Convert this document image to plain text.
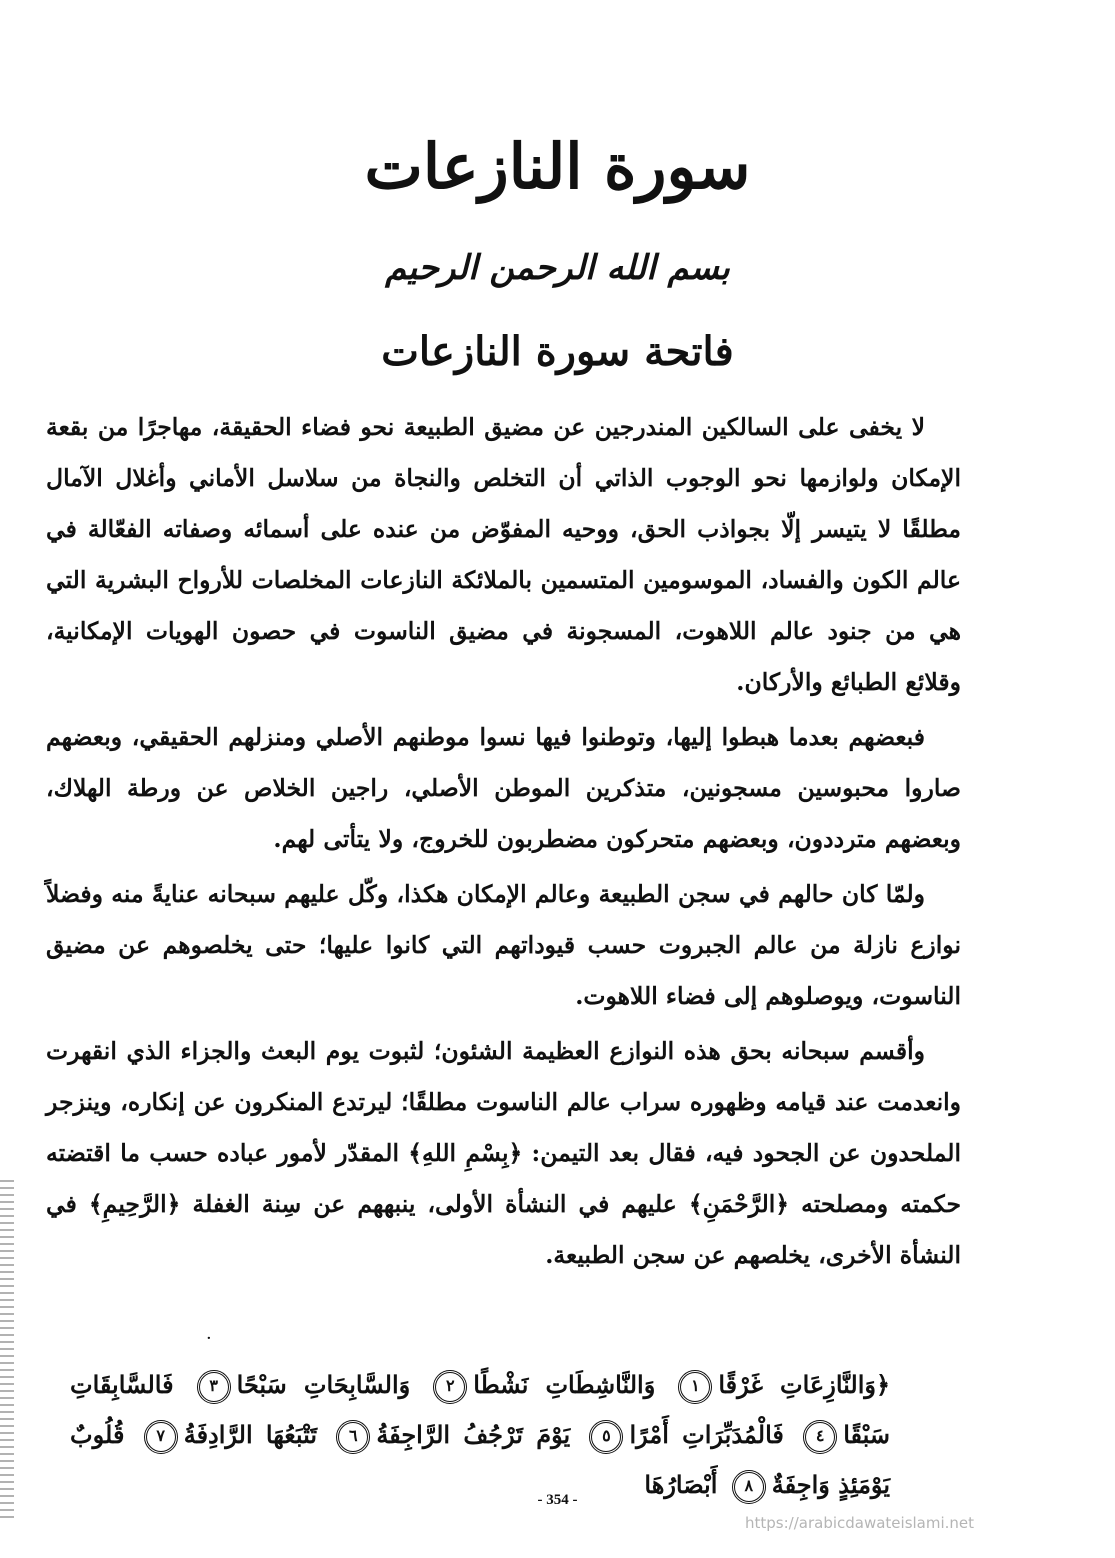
سورة النازعات
بسم الله الرحمن الرحيم
فاتحة سورة النازعات

لا يخفى على السالكين المندرجين عن مضيق الطبيعة نحو فضاء الحقيقة، مهاجرًا من بقعة الإمكان ولوازمها نحو الوجوب الذاتي أن التخلص والنجاة من سلاسل الأماني وأغلال الآمال مطلقًا لا يتيسر إلّا بجواذب الحق، ووحيه المفوّض من عنده على أسمائه وصفاته الفعّالة في عالم الكون والفساد، الموسومين المتسمين بالملائكة النازعات المخلصات للأرواح البشرية التي هي من جنود عالم اللاهوت، المسجونة في مضيق الناسوت في حصون الهويات الإمكانية، وقلائع الطبائع والأركان.

فبعضهم بعدما هبطوا إليها، وتوطنوا فيها نسوا موطنهم الأصلي ومنزلهم الحقيقي، وبعضهم صاروا محبوسين مسجونين، متذكرين الموطن الأصلي، راجين الخلاص عن ورطة الهلاك، وبعضهم مترددون، وبعضهم متحركون مضطربون للخروج، ولا يتأتى لهم.

ولمّا كان حالهم في سجن الطبيعة وعالم الإمكان هكذا، وكّل عليهم سبحانه عنايةً منه وفضلاً نوازع نازلة من عالم الجبروت حسب قيوداتهم التي كانوا عليها؛ حتى يخلصوهم عن مضيق الناسوت، ويوصلوهم إلى فضاء اللاهوت.

وأقسم سبحانه بحق هذه النوازع العظيمة الشئون؛ لثبوت يوم البعث والجزاء الذي انقهرت وانعدمت عند قيامه وظهوره سراب عالم الناسوت مطلقًا؛ ليرتدع المنكرون عن إنكاره، وينزجر الملحدون عن الجحود فيه، فقال بعد التيمن: ﴿بِسْمِ اللهِ﴾ المقدّر لأمور عباده حسب ما اقتضته حكمته ومصلحته ﴿الرَّحْمَنِ﴾ عليهم في النشأة الأولى، ينبههم عن سِنة الغفلة ﴿الرَّحِيمِ﴾ في النشأة الأخرى، يخلصهم عن سجن الطبيعة.

·
﴿وَالنَّازِعَاتِ غَرْقًا١ وَالنَّاشِطَاتِ نَشْطًا٢ وَالسَّابِحَاتِ سَبْحًا٣ فَالسَّابِقَاتِ سَبْقًا٤ فَالْمُدَبِّرَاتِ أَمْرًا٥ يَوْمَ تَرْجُفُ الرَّاجِفَةُ٦ تَتْبَعُهَا الرَّادِفَةُ٧ قُلُوبٌ يَوْمَئِذٍ وَاجِفَةٌ٨ أَبْصَارُهَا
- 354 -
https://arabicdawateislami.net
